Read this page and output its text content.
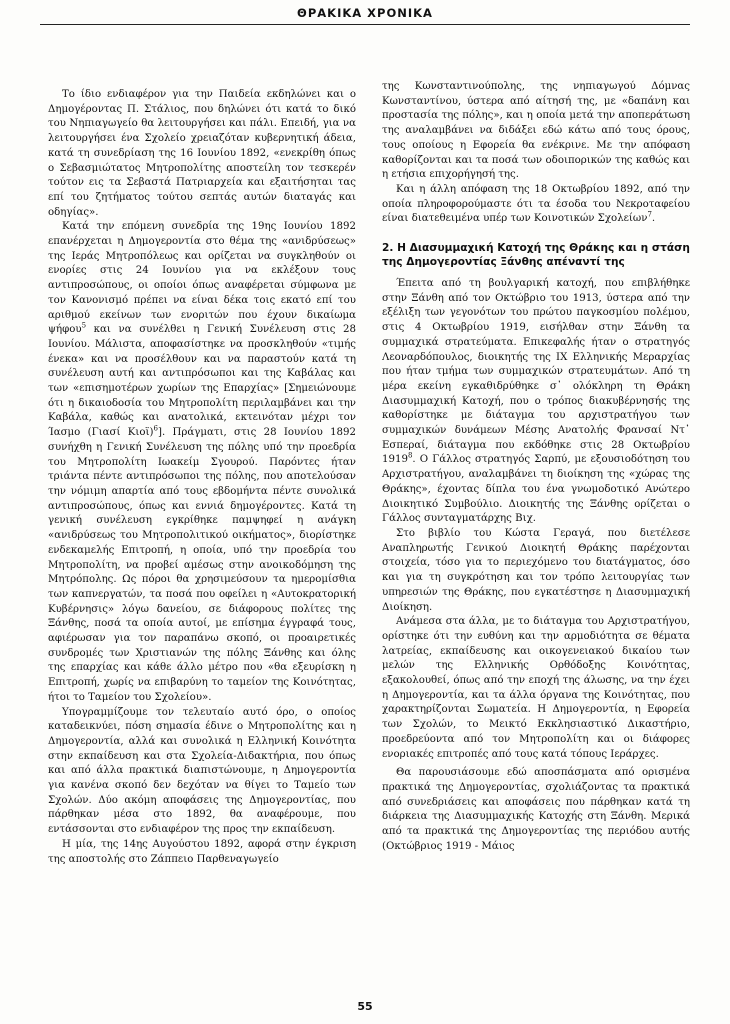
ΘΡΑΚΙΚΑ ΧΡΟΝΙΚΑ

Το ίδιο ενδιαφέρον για την Παιδεία εκδηλώνει και ο Δημογέροντας Π. Στάλιος, που δηλώνει ότι κατά το δικό του Νηπιαγωγείο θα λειτουργήσει και πάλι. Επειδή, για να λειτουργήσει ένα Σχολείο χρειαζόταν κυβερνητική άδεια, κατά τη συνεδρίαση της 16 Ιουνίου 1892, «ενεκρίθη όπως ο Σεβασμιώτατος Μητροπολίτης αποστείλη τον τεσκερέν τούτον εις τα Σεβαστά Πατριαρχεία και εξαιτήσηται τας επί του ζητήματος τούτου σεπτάς αυτών διαταγάς και οδηγίας».

Κατά την επόμενη συνεδρία της 19ης Ιουνίου 1892 επανέρχεται η Δημογεροντία στο θέμα της «ανιδρύσεως» της Ιεράς Μητροπόλεως και ορίζεται να συγκληθούν οι ενορίες στις 24 Ιουνίου για να εκλέξουν τους αντιπροσώπους, οι οποίοι όπως αναφέρεται σύμφωνα με τον Κανονισμό πρέπει να είναι δέκα τοις εκατό επί του αριθμού εκείνων των ενοριτών που έχουν δικαίωμα ψήφου$^5$ και να συνέλθει η Γενική Συνέλευση στις 28 Ιουνίου. Μάλιστα, αποφασίστηκε να προσκληθούν «τιμής ένεκα» και να προσέλθουν και να παραστούν κατά τη συνέλευση αυτή και αντιπρόσωποι και της Καβάλας και των «επισημοτέρων χωρίων της Επαρχίας» [Σημειώνουμε ότι η δικαιοδοσία του Μητροπολίτη περιλαμβάνει και την Καβάλα, καθώς και ανατολικά, εκτεινόταν μέχρι τον Ίασμο (Γιασί Κιοϊ)$^6$]. Πράγματι, στις 28 Ιουνίου 1892 συνήχθη η Γενική Συνέλευση της πόλης υπό την προεδρία του Μητροπολίτη Ιωακείμ Σγουρού. Παρόντες ήταν τριάντα πέντε αντιπρόσωποι της πόλης, που αποτελούσαν την νόμιμη απαρτία από τους εβδομήντα πέντε συνολικά αντιπροσώπους, όπως και εννιά δημογέροντες. Κατά τη γενική συνέλευση εγκρίθηκε παμψηφεί η ανάγκη «ανιδρύσεως του Μητροπολιτικού οικήματος», διορίστηκε ενδεκαμελής Επιτροπή, η οποία, υπό την προεδρία του Μητροπολίτη, να προβεί αμέσως στην ανοικοδόμηση της Μητρόπολης. Ως πόροι θα χρησιμεύσουν τα ημερομίσθια των καπνεργατών, τα ποσά που οφείλει η «Αυτοκρατορική Κυβέρνησις» λόγω δανείου, σε διάφορους πολίτες της Ξάνθης, ποσά τα οποία αυτοί, με επίσημα έγγραφά τους, αφιέρωσαν για τον παραπάνω σκοπό, οι προαιρετικές συνδρομές των Χριστιανών της πόλης Ξάνθης και όλης της επαρχίας και κάθε άλλο μέτρο που «θα εξευρίσκη η Επιτροπή, χωρίς να επιβαρύνη το ταμείον της Κοινότητας, ήτοι το Ταμείον του Σχολείου».

Υπογραμμίζουμε τον τελευταίο αυτό όρο, ο οποίος καταδεικνύει, πόση σημασία έδινε ο Μητροπολίτης και η Δημογεροντία, αλλά και συνολικά η Ελληνική Κοινότητα στην εκπαίδευση και στα Σχολεία-Διδακτήρια, που όπως και από άλλα πρακτικά διαπιστώνουμε, η Δημογεροντία για κανένα σκοπό δεν δεχόταν να θίγει το Ταμείο των Σχολών. Δύο ακόμη αποφάσεις της Δημογεροντίας, που πάρθηκαν μέσα στο 1892, θα αναφέρουμε, που εντάσσονται στο ενδιαφέρον της προς την εκπαίδευση.

Η μία, της 14ης Αυγούστου 1892, αφορά στην έγκριση της αποστολής στο Ζάππειο Παρθεναγωγείο

της Κωνσταντινούπολης, της νηπιαγωγού Δόμνας Κωνσταντίνου, ύστερα από αίτησή της, με «δαπάνη και προστασία της πόλης», και η οποία μετά την αποπεράτωση της αναλαμβάνει να διδάξει εδώ κάτω από τους όρους, τους οποίους η Εφορεία θα ενέκρινε. Με την απόφαση καθορίζονται και τα ποσά των οδοιπορικών της καθώς και η ετήσια επιχορήγησή της.

Και η άλλη απόφαση της 18 Οκτωβρίου 1892, από την οποία πληροφορούμαστε ότι τα έσοδα του Νεκροταφείου είναι διατεθειμένα υπέρ των Κοινοτικών Σχολείων$^7$.

2. Η Διασυμμαχική Κατοχή της Θράκης και η στάση της Δημογεροντίας Ξάνθης απέναντί της

Έπειτα από τη βουλγαρική κατοχή, που επιβλήθηκε στην Ξάνθη από τον Οκτώβριο του 1913, ύστερα από την εξέλιξη των γεγονότων του πρώτου παγκοσμίου πολέμου, στις 4 Οκτωβρίου 1919, εισήλθαν στην Ξάνθη τα συμμαχικά στρατεύματα. Επικεφαλής ήταν ο στρατηγός Λεοναρδόπουλος, διοικητής της ΙΧ Ελληνικής Μεραρχίας που ήταν τμήμα των συμμαχικών στρατευμάτων. Από τη μέρα εκείνη εγκαθιδρύθηκε σ᾿ ολόκληρη τη Θράκη Διασυμμαχική Κατοχή, που ο τρόπος διακυβέρνησής της καθορίστηκε με διάταγμα του αρχιστρατήγου των συμμαχικών δυνάμεων Μέσης Ανατολής Φρανσαί Ντ᾿ Εσπεραί, διάταγμα που εκδόθηκε στις 28 Οκτωβρίου 1919$^8$. Ο Γάλλος στρατηγός Σαρπύ, με εξουσιοδότηση του Αρχιστρατήγου, αναλαμβάνει τη διοίκηση της «χώρας της Θράκης», έχοντας δίπλα του ένα γνωμοδοτικό Ανώτερο Διοικητικό Συμβούλιο. Διοικητής της Ξάνθης ορίζεται ο Γάλλος συνταγματάρχης Βιχ.

Στο βιβλίο του Κώστα Γεραγά, που διετέλεσε Αναπληρωτής Γενικού Διοικητή Θράκης παρέχονται στοιχεία, τόσο για το περιεχόμενο του διατάγματος, όσο και για τη συγκρότηση και τον τρόπο λειτουργίας των υπηρεσιών της Θράκης, που εγκατέστησε η Διασυμμαχική Διοίκηση.

Ανάμεσα στα άλλα, με το διάταγμα του Αρχιστρατήγου, ορίστηκε ότι την ευθύνη και την αρμοδιότητα σε θέματα λατρείας, εκπαίδευσης και οικογενειακού δικαίου των μελών της Ελληνικής Ορθόδοξης Κοινότητας, εξακολουθεί, όπως από την εποχή της άλωσης, να την έχει η Δημογεροντία, και τα άλλα όργανα της Κοινότητας, που χαρακτηρίζονται Σωματεία. Η Δημογεροντία, η Εφορεία των Σχολών, το Μεικτό Εκκλησιαστικό Δικαστήριο, προεδρεύοντα από τον Μητροπολίτη και οι διάφορες ενοριακές επιτροπές από τους κατά τόπους Ιεράρχες.

Θα παρουσιάσουμε εδώ αποσπάσματα από ορισμένα πρακτικά της Δημογεροντίας, σχολιάζοντας τα πρακτικά από συνεδριάσεις και αποφάσεις που πάρθηκαν κατά τη διάρκεια της Διασυμμαχικής Κατοχής στη Ξάνθη. Μερικά από τα πρακτικά της Δημογεροντίας της περιόδου αυτής (Οκτώβριος 1919 - Μάιος

55
